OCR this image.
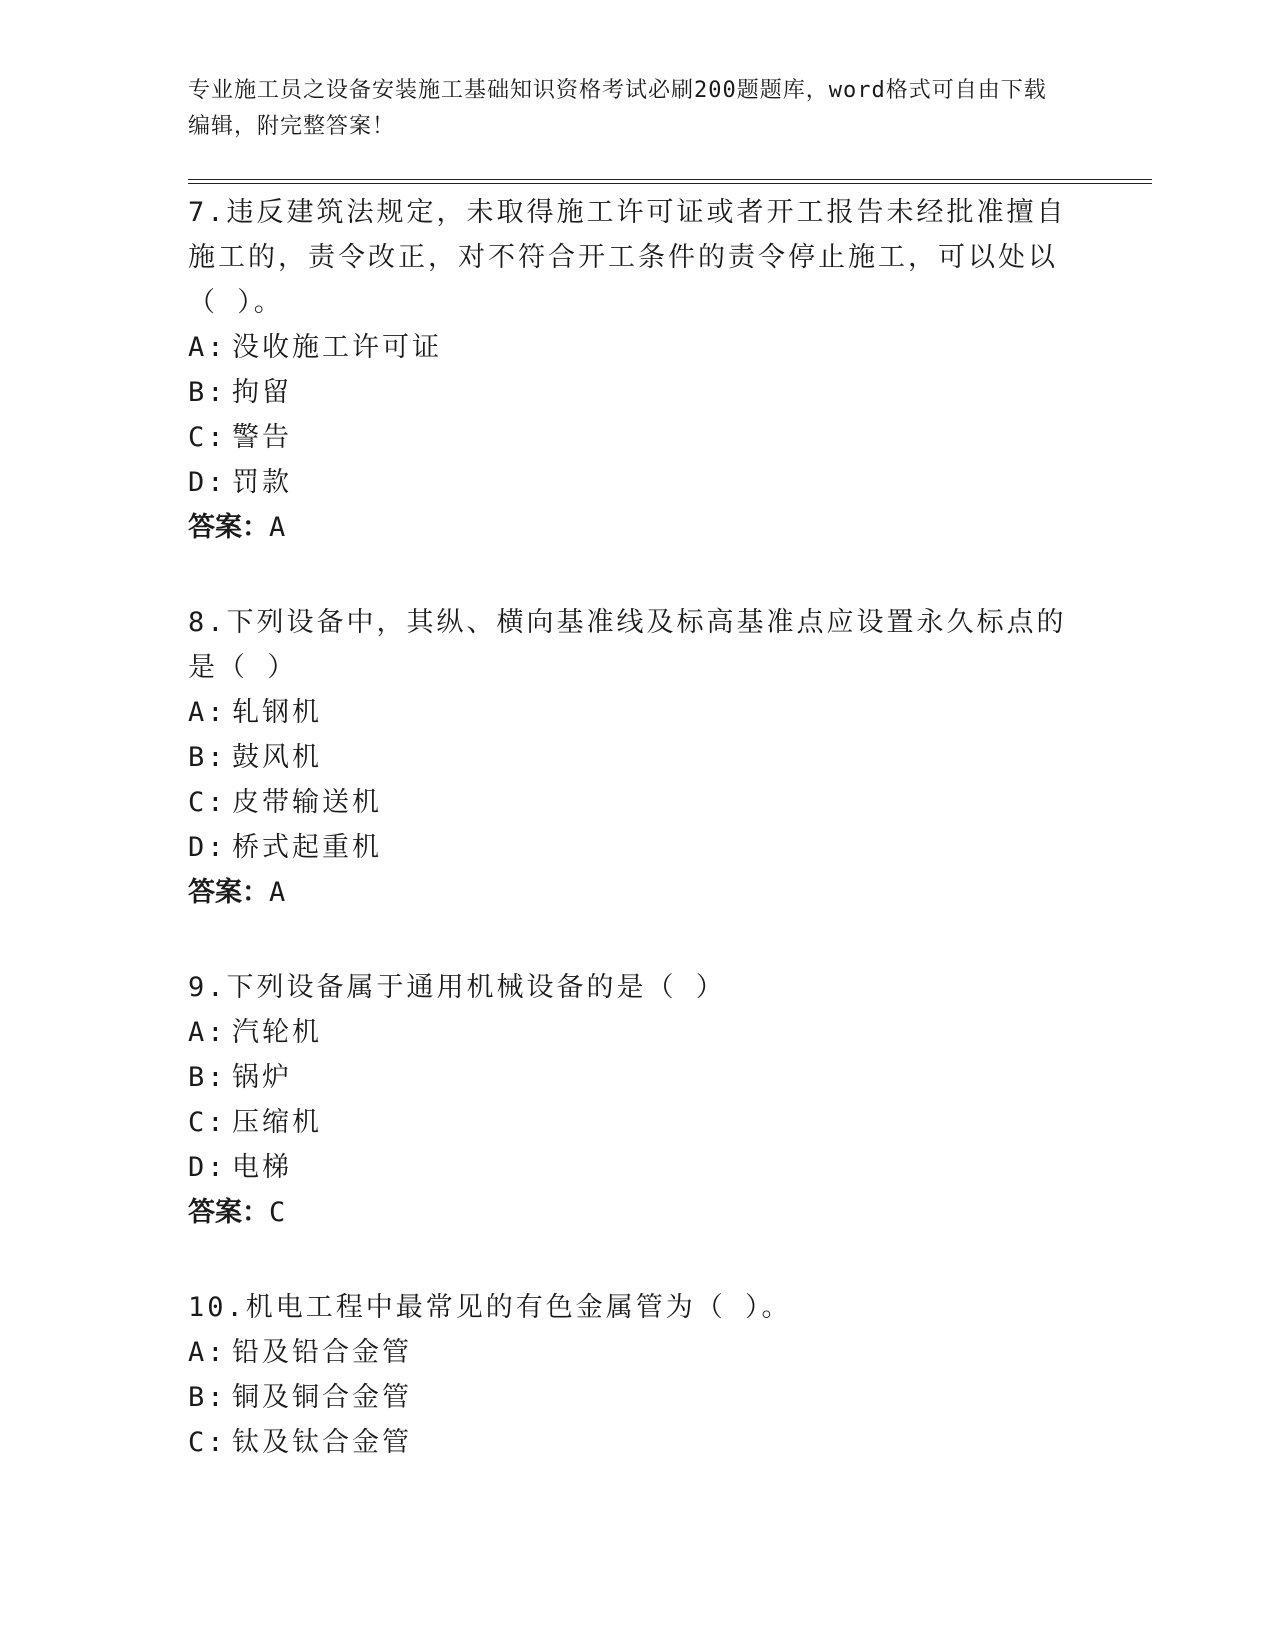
专业施工员之设备安装施工基础知识资格考试必刷200题题库，word格式可自由下载编辑，附完整答案！

7.违反建筑法规定，未取得施工许可证或者开工报告未经批准擅自施工的，责令改正，对不符合开工条件的责令停止施工，可以处以（ ）。

A: 没收施工许可证

B: 拘留

C: 警告

D: 罚款

答案：A

8.下列设备中，其纵、横向基准线及标高基准点应设置永久标点的是（ ）

A: 轧钢机

B: 鼓风机

C: 皮带输送机

D: 桥式起重机

答案：A

9.下列设备属于通用机械设备的是（ ）

A: 汽轮机

B: 锅炉

C: 压缩机

D: 电梯

答案：C

10.机电工程中最常见的有色金属管为（ ）。

A: 铅及铅合金管

B: 铜及铜合金管

C: 钛及钛合金管
